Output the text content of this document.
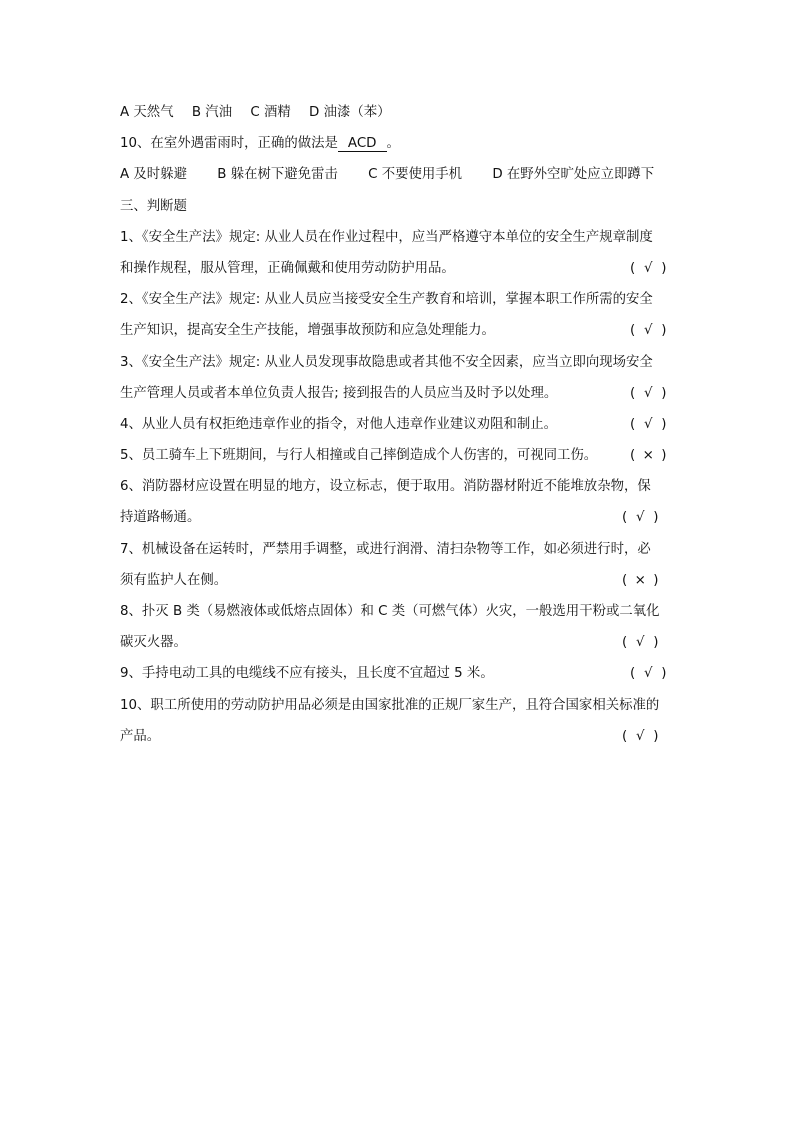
A 天然气 B 汽油 C 酒精 D 油漆（苯）
10、在室外遇雷雨时，正确的做法是 ACD 。
A 及时躲避 B 躲在树下避免雷击 C 不要使用手机 D 在野外空旷处应立即蹲下
三、判断题
1、《安全生产法》规定: 从业人员在作业过程中，应当严格遵守本单位的安全生产规章制度
和操作规程，服从管理，正确佩戴和使用劳动防护用品。	( √ )
2、《安全生产法》规定: 从业人员应当接受安全生产教育和培训，掌握本职工作所需的安全
生产知识，提高安全生产技能，增强事故预防和应急处理能力。	( √ )
3、《安全生产法》规定: 从业人员发现事故隐患或者其他不安全因素，应当立即向现场安全
生产管理人员或者本单位负责人报告; 接到报告的人员应当及时予以处理。	( √ )
4、从业人员有权拒绝违章作业的指令，对他人违章作业建议劝阻和制止。	( √ )
5、员工骑车上下班期间，与行人相撞或自己摔倒造成个人伤害的，可视同工伤。 ( × )
6、消防器材应设置在明显的地方，设立标志，便于取用。消防器材附近不能堆放杂物，保
持道路畅通。	( √ )
7、机械设备在运转时，严禁用手调整，或进行润滑、清扫杂物等工作，如必须进行时，必
须有监护人在侧。	( × )
8、扑灭 B 类（易燃液体或低熔点固体）和 C 类（可燃气体）火灾，一般选用干粉或二氧化
碳灭火器。	( √ )
9、手持电动工具的电缆线不应有接头，且长度不宜超过 5 米。	( √ )
10、职工所使用的劳动防护用品必须是由国家批准的正规厂家生产，且符合国家相关标准的
产品。	( √ )
